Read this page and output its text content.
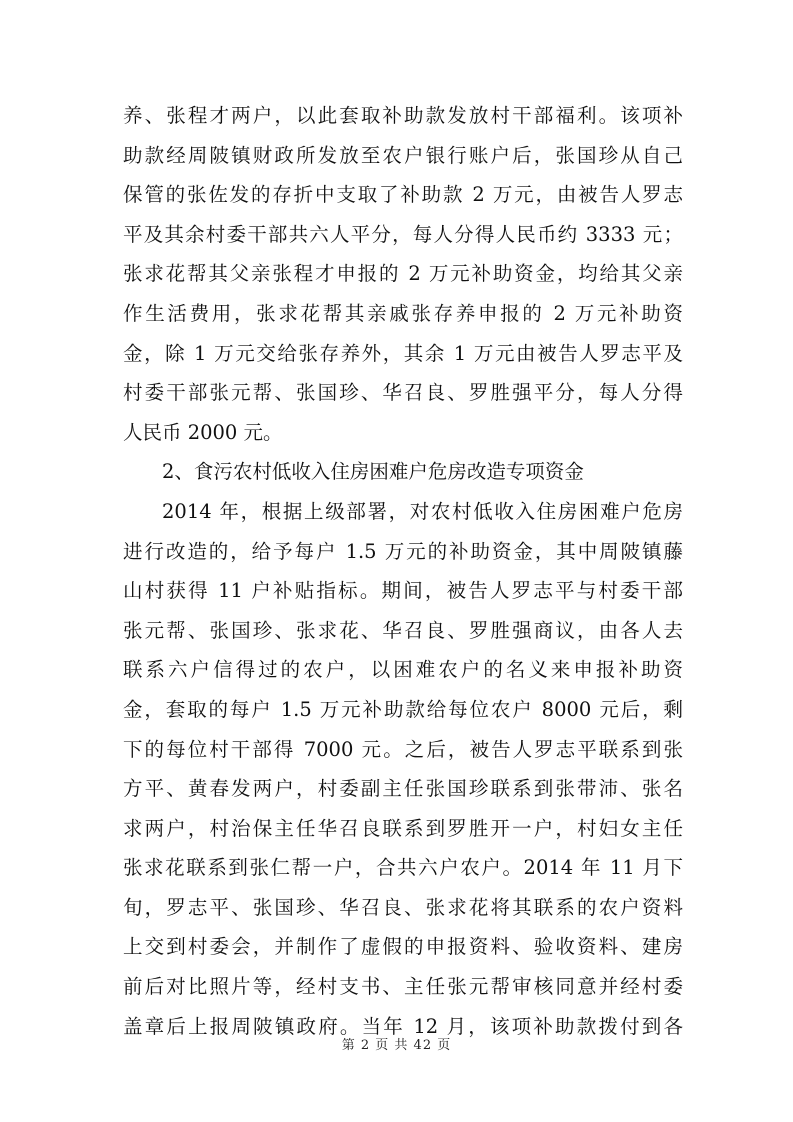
养、张程才两户，以此套取补助款发放村干部福利。该项补
助款经周陂镇财政所发放至农户银行账户后，张国珍从自己
保管的张佐发的存折中支取了补助款 2 万元，由被告人罗志
平及其余村委干部共六人平分，每人分得人民币约 3333 元；
张求花帮其父亲张程才申报的 2 万元补助资金，均给其父亲
作生活费用，张求花帮其亲戚张存养申报的 2 万元补助资
金，除 1 万元交给张存养外，其余 1 万元由被告人罗志平及
村委干部张元帮、张国珍、华召良、罗胜强平分，每人分得
人民币 2000 元。
2、食污农村低收入住房困难户危房改造专项资金
2014 年，根据上级部署，对农村低收入住房困难户危房
进行改造的，给予每户 1.5 万元的补助资金，其中周陂镇藤
山村获得 11 户补贴指标。期间，被告人罗志平与村委干部
张元帮、张国珍、张求花、华召良、罗胜强商议，由各人去
联系六户信得过的农户，以困难农户的名义来申报补助资
金，套取的每户 1.5 万元补助款给每位农户 8000 元后，剩
下的每位村干部得 7000 元。之后，被告人罗志平联系到张
方平、黄春发两户，村委副主任张国珍联系到张带沛、张名
求两户，村治保主任华召良联系到罗胜开一户，村妇女主任
张求花联系到张仁帮一户，合共六户农户。2014 年 11 月下
旬，罗志平、张国珍、华召良、张求花将其联系的农户资料
上交到村委会，并制作了虚假的申报资料、验收资料、建房
前后对比照片等，经村支书、主任张元帮审核同意并经村委
盖章后上报周陂镇政府。当年 12 月，该项补助款拨付到各
第 2 页 共 42 页
